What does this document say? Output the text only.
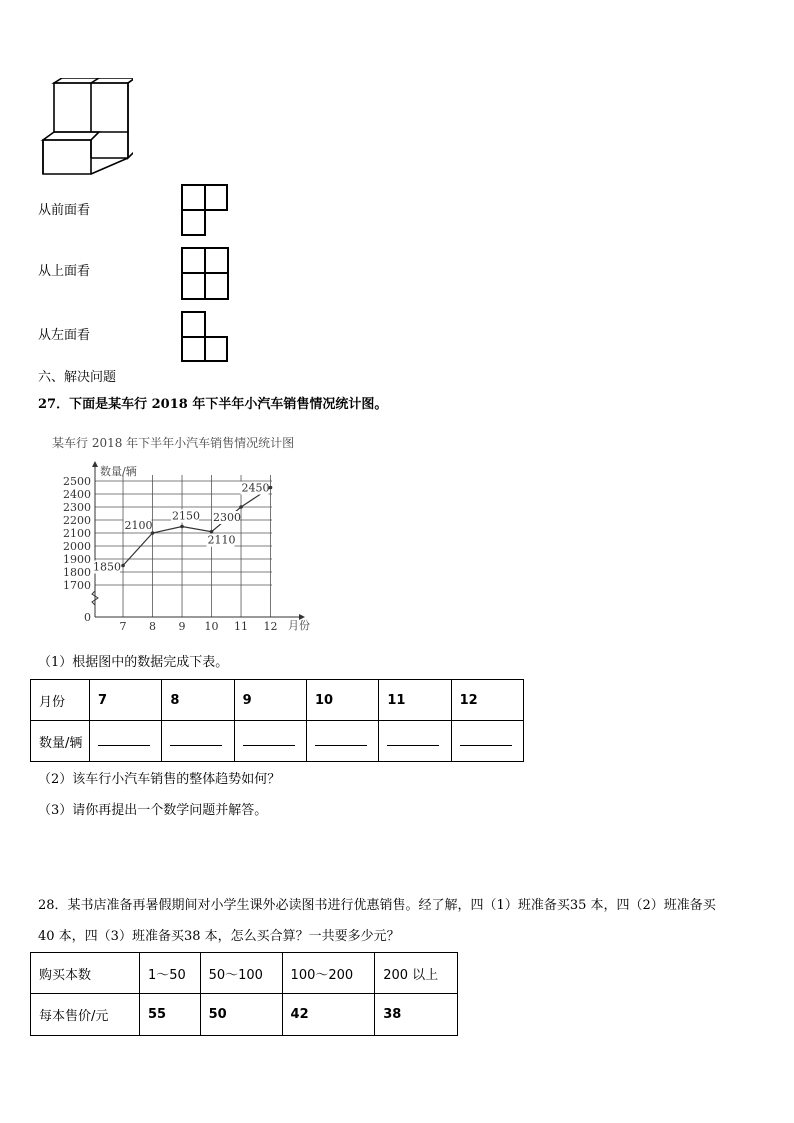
从前面看
从上面看
从左面看
六、解决问题
27．下面是某车行 2018 年下半年小汽车销售情况统计图。
某车行 2018 年下半年小汽车销售情况统计图
数量/辆
月份
2500
2400
2300
2200
2100
2000
1900
1800
1700
0
7 8 9 10 11 12
1850
2100
2150
2110
2300
2450
（1）根据图中的数据完成下表。
月份	7	8	9	10	11	12
数量/辆						
（2）该车行小汽车销售的整体趋势如何？
（3）请你再提出一个数学问题并解答。
28．某书店准备再暑假期间对小学生课外必读图书进行优惠销售。经了解，四（1）班准备买35 本，四（2）班准备买
40 本，四（3）班准备买38 本，怎么买合算？一共要多少元？
购买本数	1～50	50～100	100～200	200 以上
每本售价/元	55	50	42	38
